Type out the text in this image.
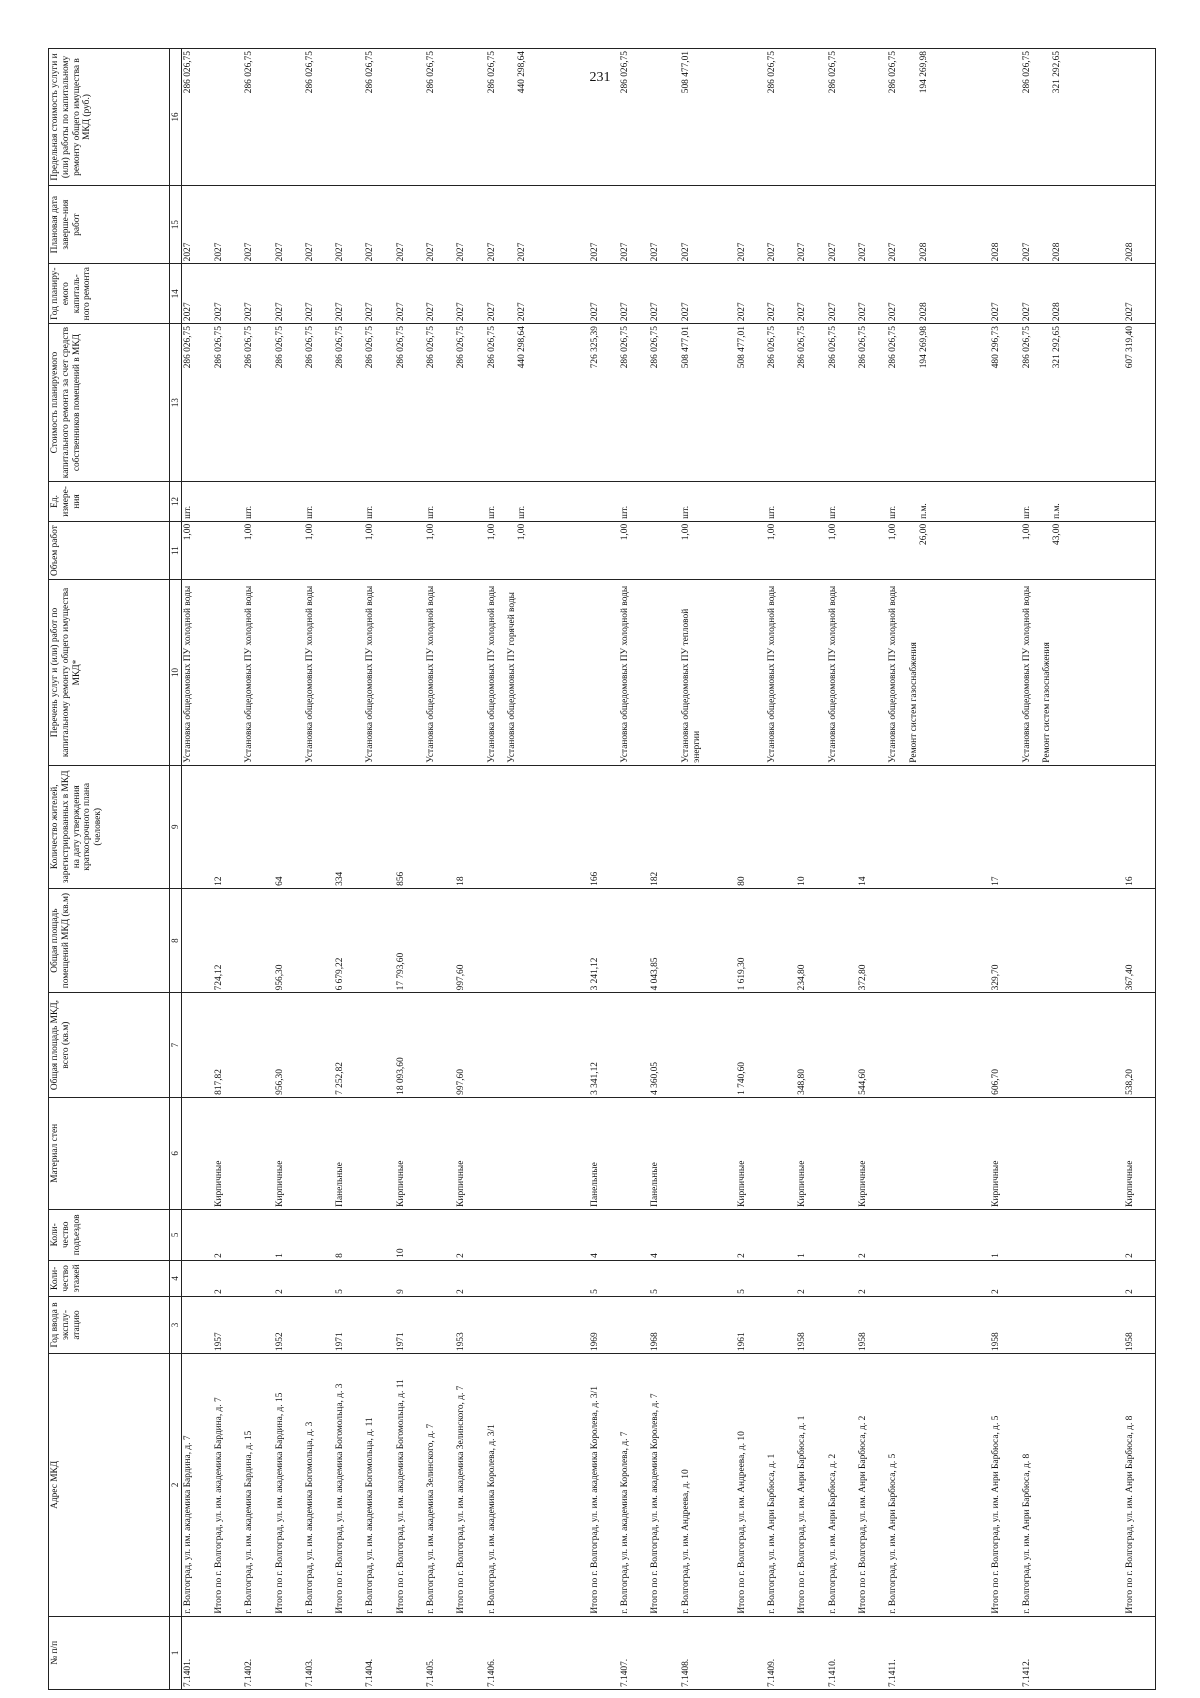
231
№ п/п	Адрес МКД	Год ввода в эксплу-атацию	Коли-чество этажей	Коли-чество подъездов	Материал стен	Общая площадь МКД, всего (кв.м)	Общая площадь помещений МКД (кв.м)	Количество жителей, зарегистрированных в МКД на дату утверждения краткосрочного плана (человек)	Перечень услуг и (или) работ по капитальному ремонту общего имущества МКД*	Объем работ	Ед. измере-ния	Стоимость планируемого капитального ремонта за счет средств собственников помещений в МКД	Год планиру-емого капиталь-ного ремонта	Плановая дата заверше-ния работ	Предельная стоимость услуги и (или) работы по капитальному ремонту общего имущества в МКД (руб.)
1	2	3	4	5	6	7	8	9	10	11	12	13	14	15	16
7.1401.	г. Волгоград, ул. им. академика Бардина, д. 7								Установка общедомовых ПУ холодной воды	1,00	шт.	286 026,75	2027	2027	286 026,75
	Итого по г. Волгоград, ул. им. академика Бардина, д. 7	1957	2	2	Кирпичные	817,82	724,12	12				286 026,75	2027	2027	
7.1402.	г. Волгоград, ул. им. академика Бардина, д. 15								Установка общедомовых ПУ холодной воды	1,00	шт.	286 026,75	2027	2027	286 026,75
	Итого по г. Волгоград, ул. им. академика Бардина, д. 15	1952	2	1	Кирпичные	956,30	956,30	64				286 026,75	2027	2027	
7.1403.	г. Волгоград, ул. им. академика Богомольца, д. 3								Установка общедомовых ПУ холодной воды	1,00	шт.	286 026,75	2027	2027	286 026,75
	Итого по г. Волгоград, ул. им. академика Богомольца, д. 3	1971	5	8	Панельные	7 252,82	6 679,22	334				286 026,75	2027	2027	
7.1404.	г. Волгоград, ул. им. академика Богомольца, д. 11								Установка общедомовых ПУ холодной воды	1,00	шт.	286 026,75	2027	2027	286 026,75
	Итого по г. Волгоград, ул. им. академика Богомольца, д. 11	1971	9	10	Кирпичные	18 093,60	17 793,60	856				286 026,75	2027	2027	
7.1405.	г. Волгоград, ул. им. академика Зелинского, д. 7								Установка общедомовых ПУ холодной воды	1,00	шт.	286 026,75	2027	2027	286 026,75
	Итого по г. Волгоград, ул. им. академика Зелинского, д. 7	1953	2	2	Кирпичные	997,60	997,60	18				286 026,75	2027	2027	
7.1406.	г. Волгоград, ул. им. академика Королева, д. 3/1								Установка общедомовых ПУ холодной воды Установка общедомовых ПУ горячей воды	1,00 1,00	шт. шт.	286 026,75 440 298,64	2027 2027	2027 2027	286 026,75 440 298,64

	Итого по г. Волгоград, ул. им. академика Королева, д. 3/1	1969	5	4	Панельные	3 341,12	3 241,12	166				726 325,39	2027	2027	
7.1407.	г. Волгоград, ул. им. академика Королева, д. 7								Установка общедомовых ПУ холодной воды	1,00	шт.	286 026,75	2027	2027	286 026,75
	Итого по г. Волгоград, ул. им. академика Королева, д. 7	1968	5	4	Панельные	4 360,05	4 043,85	182				286 026,75	2027	2027	
7.1408.	г. Волгоград, ул. им. Андреева, д. 10								Установка общедомовых ПУ тепловой энергии	1,00	шт.	508 477,01	2027	2027	508 477,01
	Итого по г. Волгоград, ул. им. Андреева, д. 10	1961	5	2	Кирпичные	1 740,60	1 619,30	80				508 477,01	2027	2027	
7.1409.	г. Волгоград, ул. им. Анри Барбюса, д. 1								Установка общедомовых ПУ холодной воды	1,00	шт.	286 026,75	2027	2027	286 026,75
	Итого по г. Волгоград, ул. им. Анри Барбюса, д. 1	1958	2	1	Кирпичные	348,80	234,80	10				286 026,75	2027	2027	
7.1410.	г. Волгоград, ул. им. Анри Барбюса, д. 2								Установка общедомовых ПУ холодной воды	1,00	шт.	286 026,75	2027	2027	286 026,75
	Итого по г. Волгоград, ул. им. Анри Барбюса, д. 2	1958	2	2	Кирпичные	544,60	372,80	14				286 026,75	2027	2027	
7.1411.	г. Волгоград, ул. им. Анри Барбюса, д. 5								Установка общедомовых ПУ холодной воды Ремонт систем газоснабжения	1,00 26,00	шт. п.м.	286 026,75 194 269,98	2027 2028	2027 2028	286 026,75 194 269,98

	Итого по г. Волгоград, ул. им. Анри Барбюса, д. 5	1958	2	1	Кирпичные	606,70	329,70	17				480 296,73	2027	2028	
7.1412.	г. Волгоград, ул. им. Анри Барбюса, д. 8								Установка общедомовых ПУ холодной воды Ремонт систем газоснабжения	1,00 43,00	шт. п.м.	286 026,75 321 292,65	2027 2028	2027 2028	286 026,75 321 292,65

	Итого по г. Волгоград, ул. им. Анри Барбюса, д. 8	1958	2	2	Кирпичные	538,20	367,40	16				607 319,40	2027	2028	
